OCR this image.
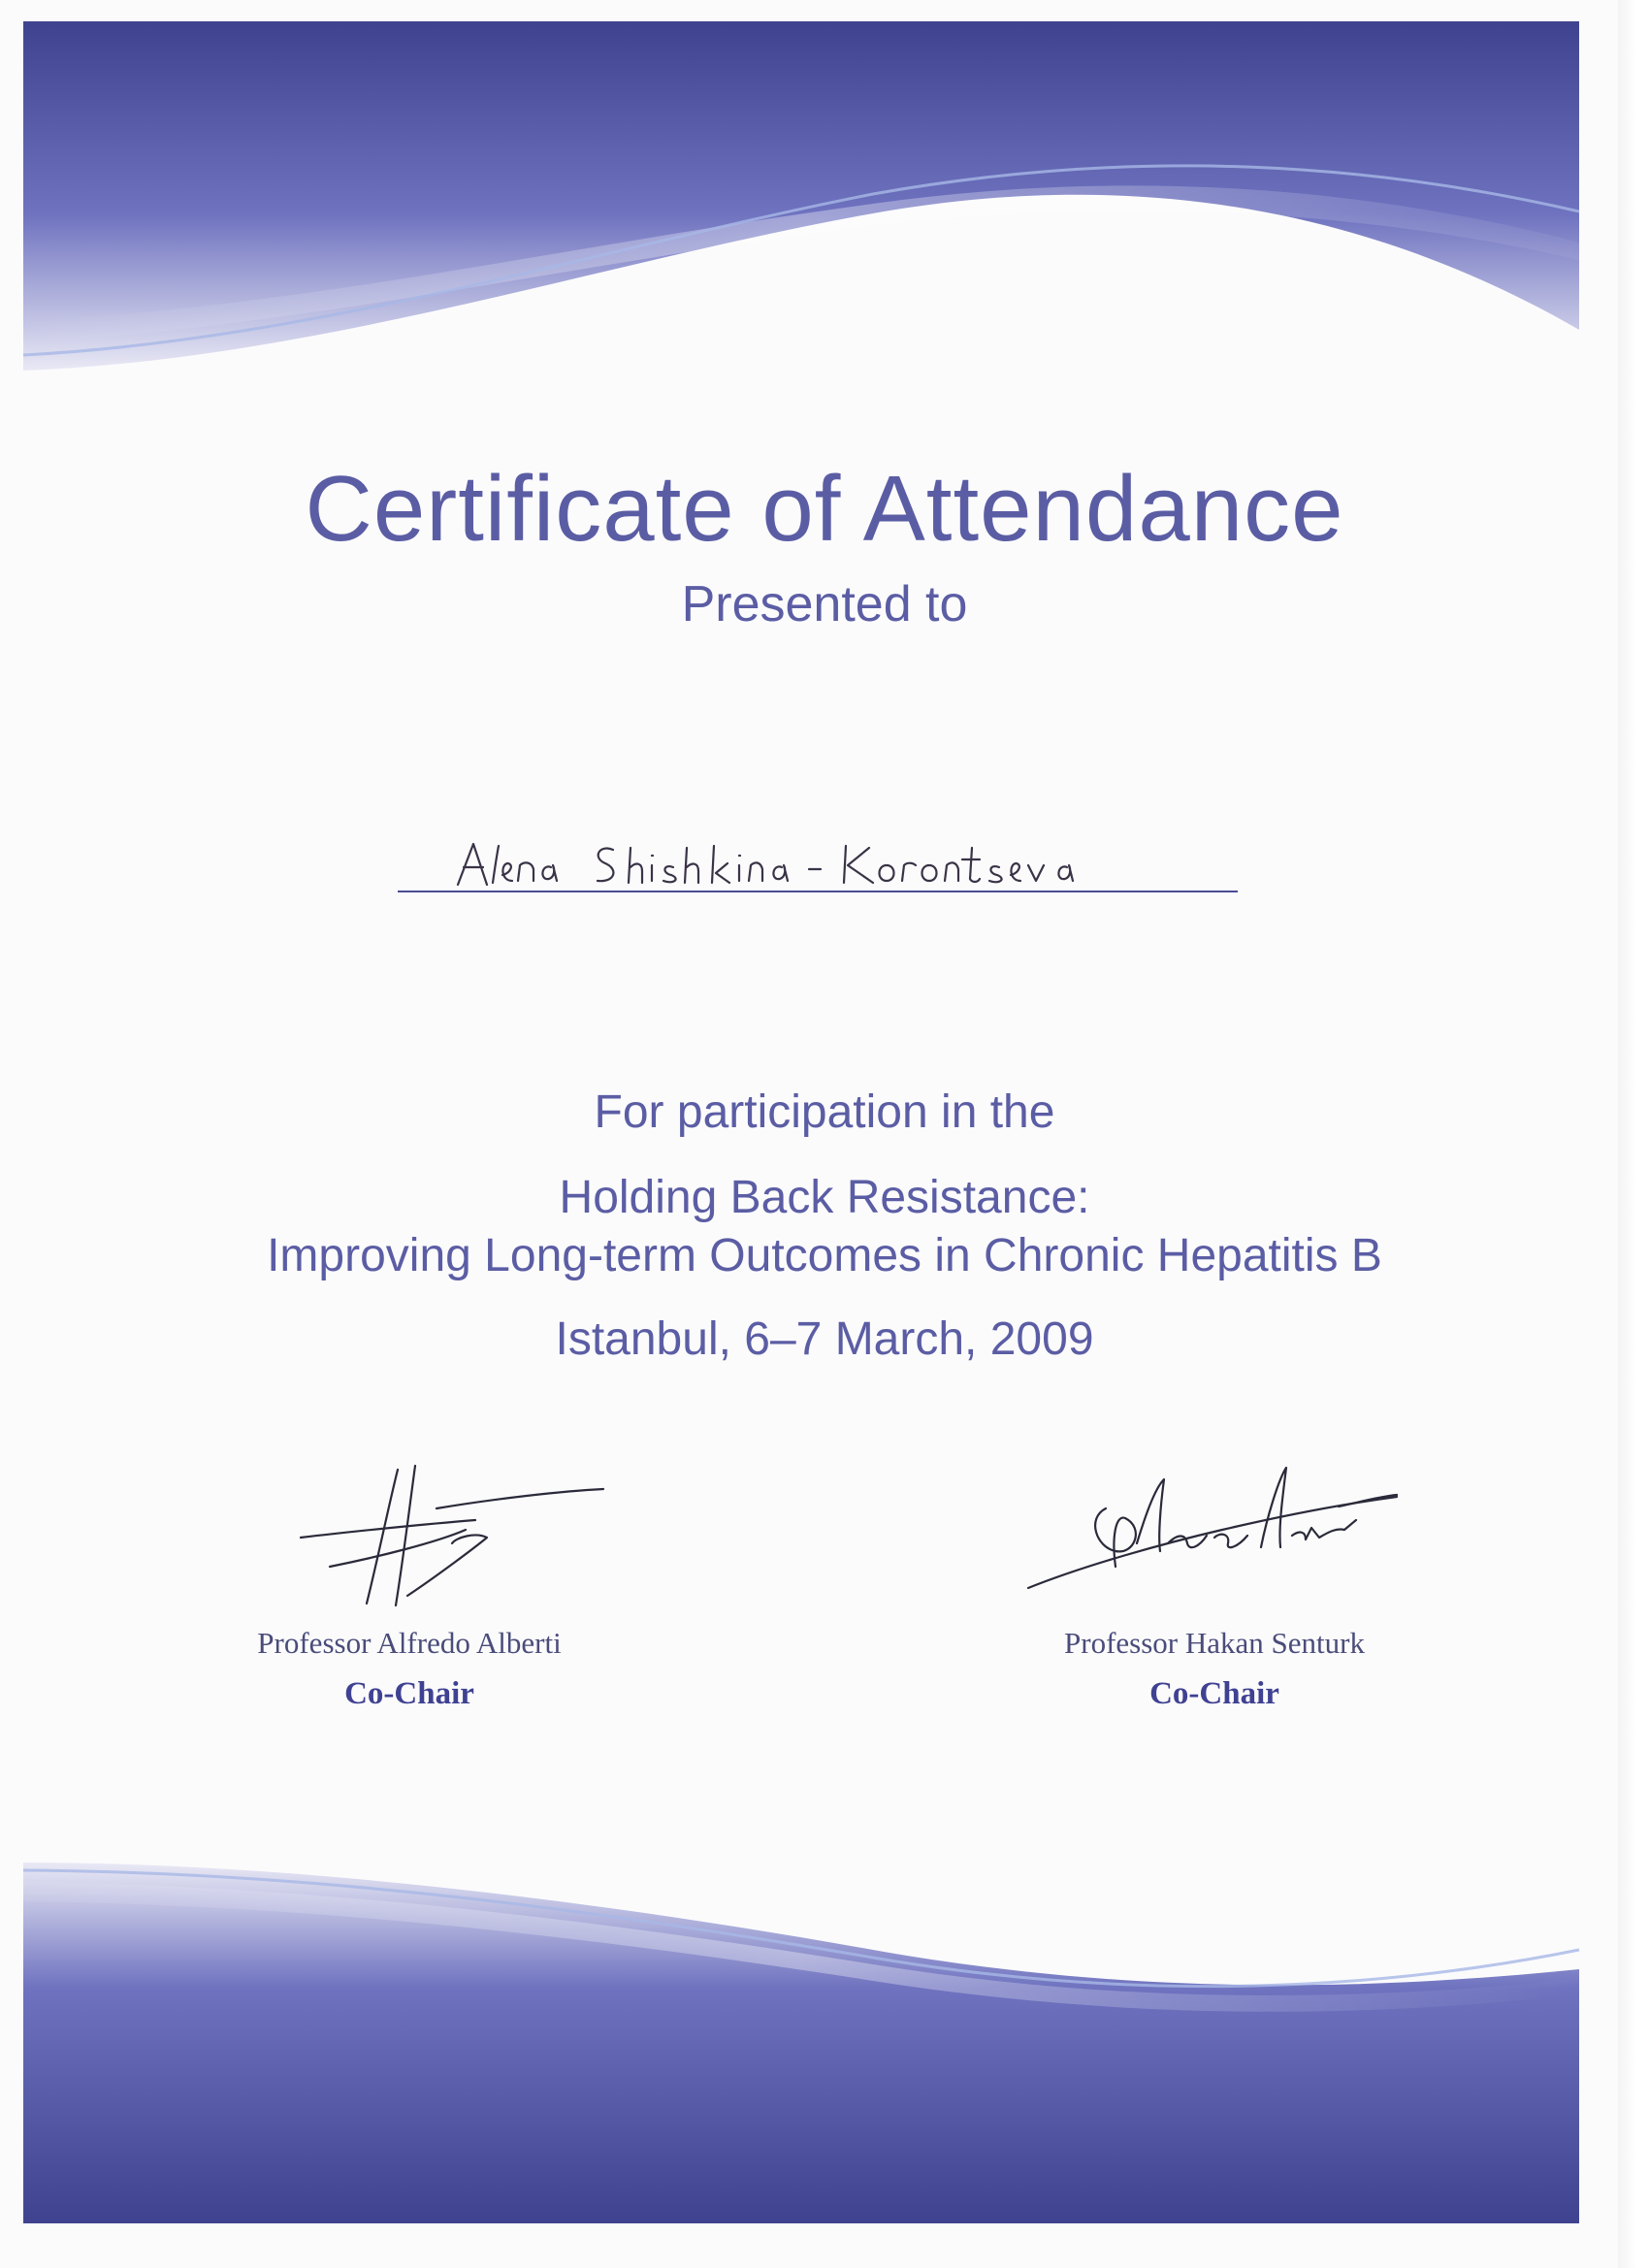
Certificate of Attendance
Presented to
For participation in the
Holding Back Resistance:
Improving Long-term Outcomes in Chronic Hepatitis B
Istanbul, 6–7 March, 2009
Professor Alfredo Alberti
Co-Chair
Professor Hakan Senturk
Co-Chair
